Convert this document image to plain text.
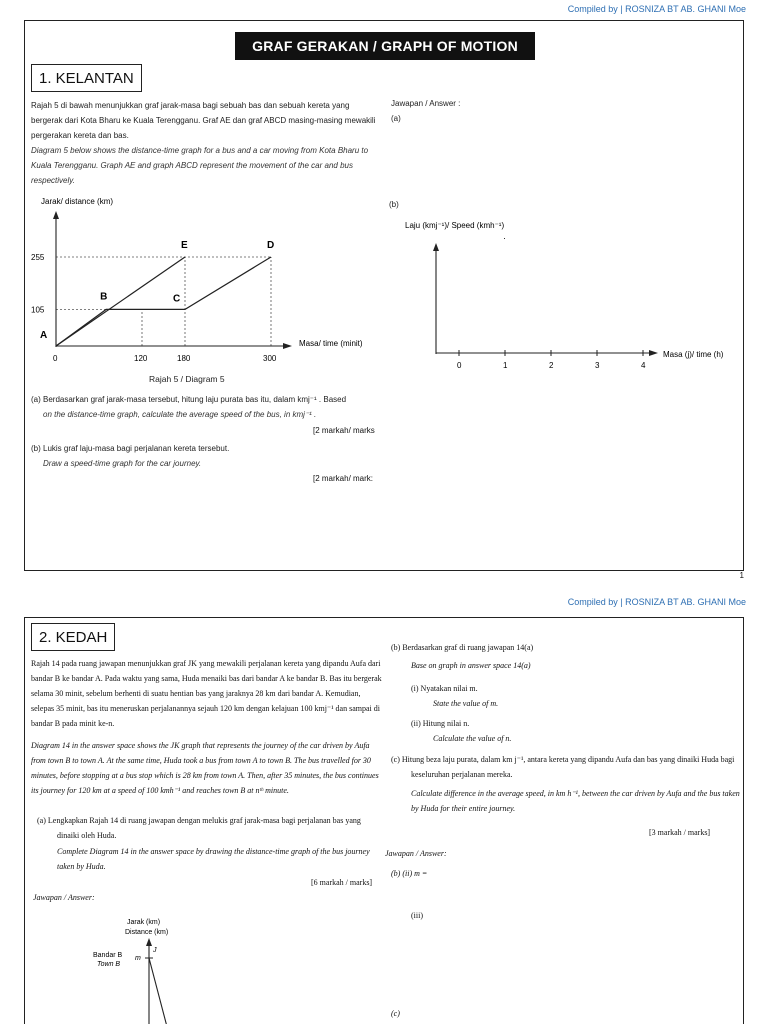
Compiled by | ROSNIZA BT AB. GHANI Moe
GRAF GERAKAN / GRAPH OF MOTION
1. KELANTAN
Rajah 5 di bawah menunjukkan graf jarak-masa bagi sebuah bas dan sebuah kereta yang bergerak dari Kota Bharu ke Kuala Terengganu. Graf AE dan graf ABCD masing-masing mewakili pergerakan kereta dan bas.
Diagram 5 below shows the distance-time graph for a bus and a car moving from Kota Bharu to Kuala Terengganu. Graph AE and graph ABCD represent the movement of the car and bus respectively.
Jawapan / Answer :
(a)
(b)
Jarak/ distance (km)
Masa/ time (minit)
105
255
0	120	180	300
A
E
B	C
D
Rajah 5 / Diagram 5
Laju (kmj⁻¹)/ Speed (kmh⁻¹)
·
0	1	2	3	4
Masa (j)/ time (h)
(a) Berdasarkan graf jarak-masa tersebut, hitung laju purata bas itu, dalam kmj⁻¹ . Based
on the distance-time graph, calculate the average speed of the bus, in kmj⁻¹ .
[2 markah/ marks
(b) Lukis graf laju-masa bagi perjalanan kereta tersebut.
Draw a speed-time graph for the car journey.
[2 markah/ mark:
1
Compiled by | ROSNIZA BT AB. GHANI Moe
2. KEDAH
Rajah 14 pada ruang jawapan menunjukkan graf JK yang mewakili perjalanan kereta yang dipandu Aufa dari bandar B ke bandar A. Pada waktu yang sama, Huda menaiki bas dari bandar A ke bandar B. Bas itu bergerak selama 30 minit, sebelum berhenti di suatu hentian bas yang jaraknya 28 km dari bandar A. Kemudian, selepas 35 minit, bas itu meneruskan perjalanannya sejauh 120 km dengan kelajuan 100 kmj⁻¹ dan sampai di bandar B pada minit ke-n.
Diagram 14 in the answer space shows the JK graph that represents the journey of the car driven by Aufa from town B to town A. At the same time, Huda took a bus from town A to town B. The bus travelled for 30 minutes, before stopping at a bus stop which is 28 km from town A. Then, after 35 minutes, the bus continues its journey for 120 km at a speed of 100 kmh⁻¹ and reaches town B at nᵗʰ minute.
(a) Lengkapkan Rajah 14 di ruang jawapan dengan melukis graf jarak-masa bagi perjalanan bas yang dinaiki oleh Huda.
Complete Diagram 14 in the answer space by drawing the distance-time graph of the bus journey taken by Huda.
[6 markah / marks]
Jawapan / Answer:
Jarak (km)
Distance (km)
Bandar B
Town B
m
J
(b) Berdasarkan graf di ruang jawapan 14(a)
Base on graph in answer space 14(a)
(i) Nyatakan nilai m.
State the value of m.
(ii) Hitung nilai n.
Calculate the value of n.
(c) Hitung beza laju purata, dalam km j⁻¹, antara kereta yang dipandu Aufa dan bas yang dinaiki Huda bagi keseluruhan perjalanan mereka.
Calculate difference in the average speed, in km h⁻¹, between the car driven by Aufa and the bus taken by Huda for their entire journey.
[3 markah / marks]
Jawapan / Answer:
(b) (ii) m =
(iii)
(c)
